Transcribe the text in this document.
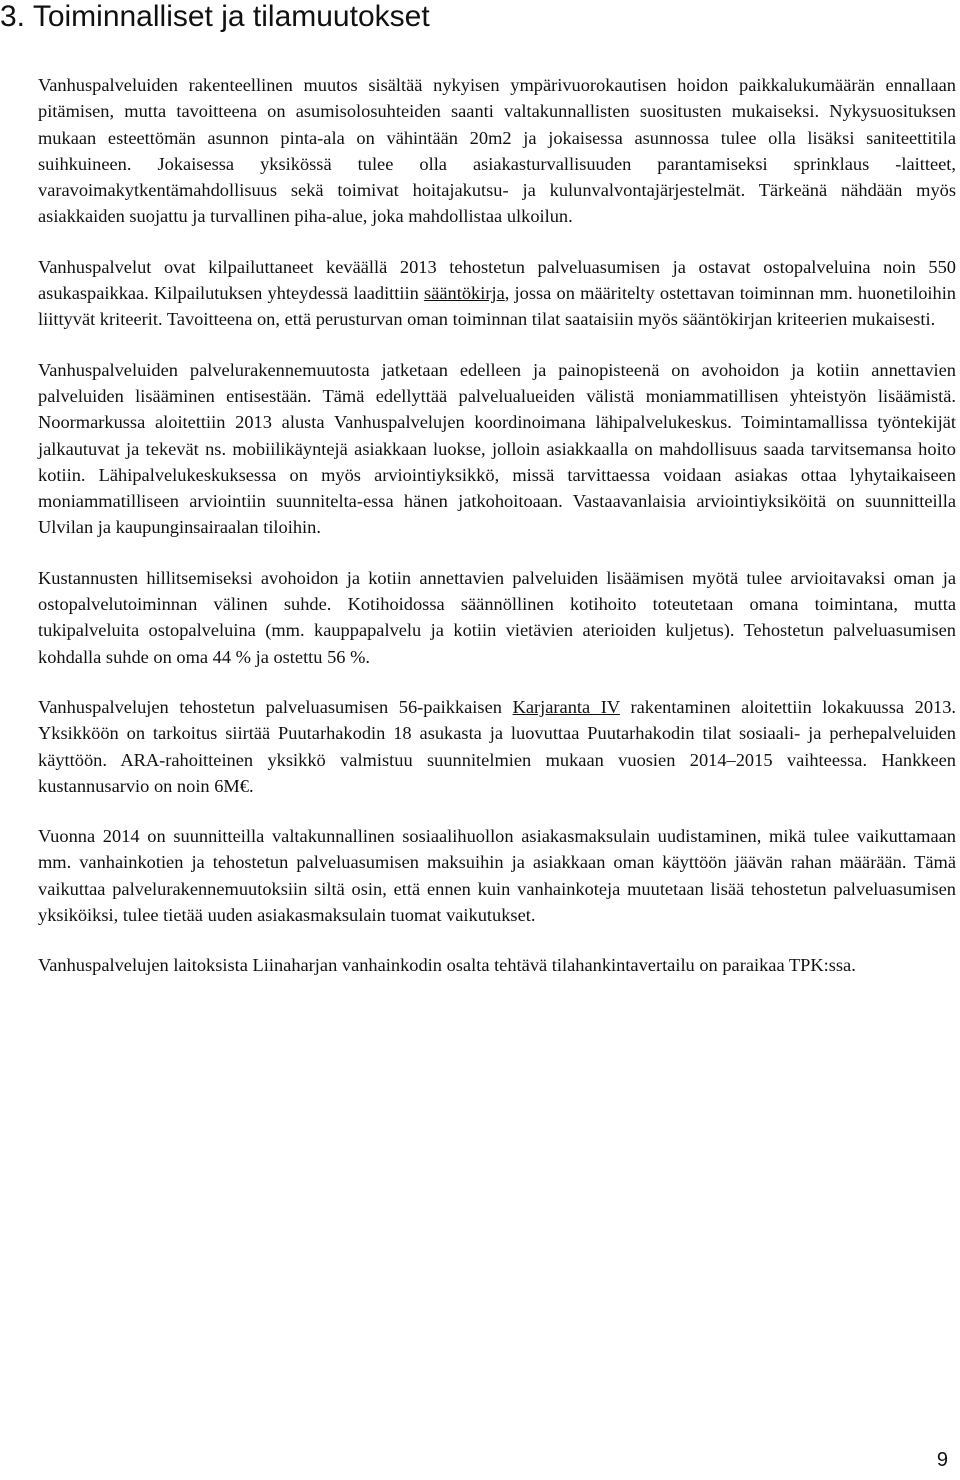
3. Toiminnalliset ja tilamuutokset

Vanhuspalveluiden rakenteellinen muutos sisältää nykyisen ympärivuorokautisen hoidon paikkalukumäärän ennallaan pitämisen, mutta tavoitteena on asumisolosuhteiden saanti valtakunnallisten suositusten mukaiseksi. Nykysuosituksen mukaan esteettömän asunnon pinta-ala on vähintään 20m2 ja jokaisessa asunnossa tulee olla lisäksi saniteettitila suihkuineen. Jokaisessa yksikössä tulee olla asiakasturvallisuuden parantamiseksi sprinklaus -laitteet, varavoimakytkentämahdollisuus sekä toimivat hoitajakutsu- ja kulunvalvontajärjestelmät. Tärkeänä nähdään myös asiakkaiden suojattu ja turvallinen piha-alue, joka mahdollistaa ulkoilun.

Vanhuspalvelut ovat kilpailuttaneet keväällä 2013 tehostetun palveluasumisen ja ostavat ostopalveluina noin 550 asukaspaikkaa. Kilpailutuksen yhteydessä laadittiin sääntökirja, jossa on määritelty ostettavan toiminnan mm. huonetiloihin liittyvät kriteerit. Tavoitteena on, että perusturvan oman toiminnan tilat saataisiin myös sääntökirjan kriteerien mukaisesti.

Vanhuspalveluiden palvelurakennemuutosta jatketaan edelleen ja painopisteenä on avohoidon ja kotiin annettavien palveluiden lisääminen entisestään. Tämä edellyttää palvelualueiden välistä moniammatillisen yhteistyön lisäämistä. Noormarkussa aloitettiin 2013 alusta Vanhuspalvelujen koordinoimana lähipalvelukeskus. Toimintamallissa työntekijät jalkautuvat ja tekevät ns. mobiilikäyntejä asiakkaan luokse, jolloin asiakkaalla on mahdollisuus saada tarvitsemansa hoito kotiin. Lähipalvelukeskuksessa on myös arviointiyksikkö, missä tarvittaessa voidaan asiakas ottaa lyhytaikaiseen moniammatilliseen arviointiin suunnitelta-essa hänen jatkohoitoaan. Vastaavanlaisia arviointiyksiköitä on suunnitteilla Ulvilan ja kaupunginsairaalan tiloihin.

Kustannusten hillitsemiseksi avohoidon ja kotiin annettavien palveluiden lisäämisen myötä tulee arvioitavaksi oman ja ostopalvelutoiminnan välinen suhde. Kotihoidossa säännöllinen kotihoito toteutetaan omana toimintana, mutta tukipalveluita ostopalveluina (mm. kauppapalvelu ja kotiin vietävien aterioiden kuljetus). Tehostetun palveluasumisen kohdalla suhde on oma 44 % ja ostettu 56 %.

Vanhuspalvelujen tehostetun palveluasumisen 56-paikkaisen Karjaranta IV rakentaminen aloitettiin lokakuussa 2013. Yksikköön on tarkoitus siirtää Puutarhakodin 18 asukasta ja luovuttaa Puutarhakodin tilat sosiaali- ja perhepalveluiden käyttöön. ARA-rahoitteinen yksikkö valmistuu suunnitelmien mukaan vuosien 2014–2015 vaihteessa. Hankkeen kustannusarvio on noin 6M€.

Vuonna 2014 on suunnitteilla valtakunnallinen sosiaalihuollon asiakasmaksulain uudistaminen, mikä tulee vaikuttamaan mm. vanhainkotien ja tehostetun palveluasumisen maksuihin ja asiakkaan oman käyttöön jäävän rahan määrään. Tämä vaikuttaa palvelurakennemuutoksiin siltä osin, että ennen kuin vanhainkoteja muutetaan lisää tehostetun palveluasumisen yksiköiksi, tulee tietää uuden asiakasmaksulain tuomat vaikutukset.

Vanhuspalvelujen laitoksista Liinaharjan vanhainkodin osalta tehtävä tilahankintavertailu on paraikaa TPK:ssa.

9
